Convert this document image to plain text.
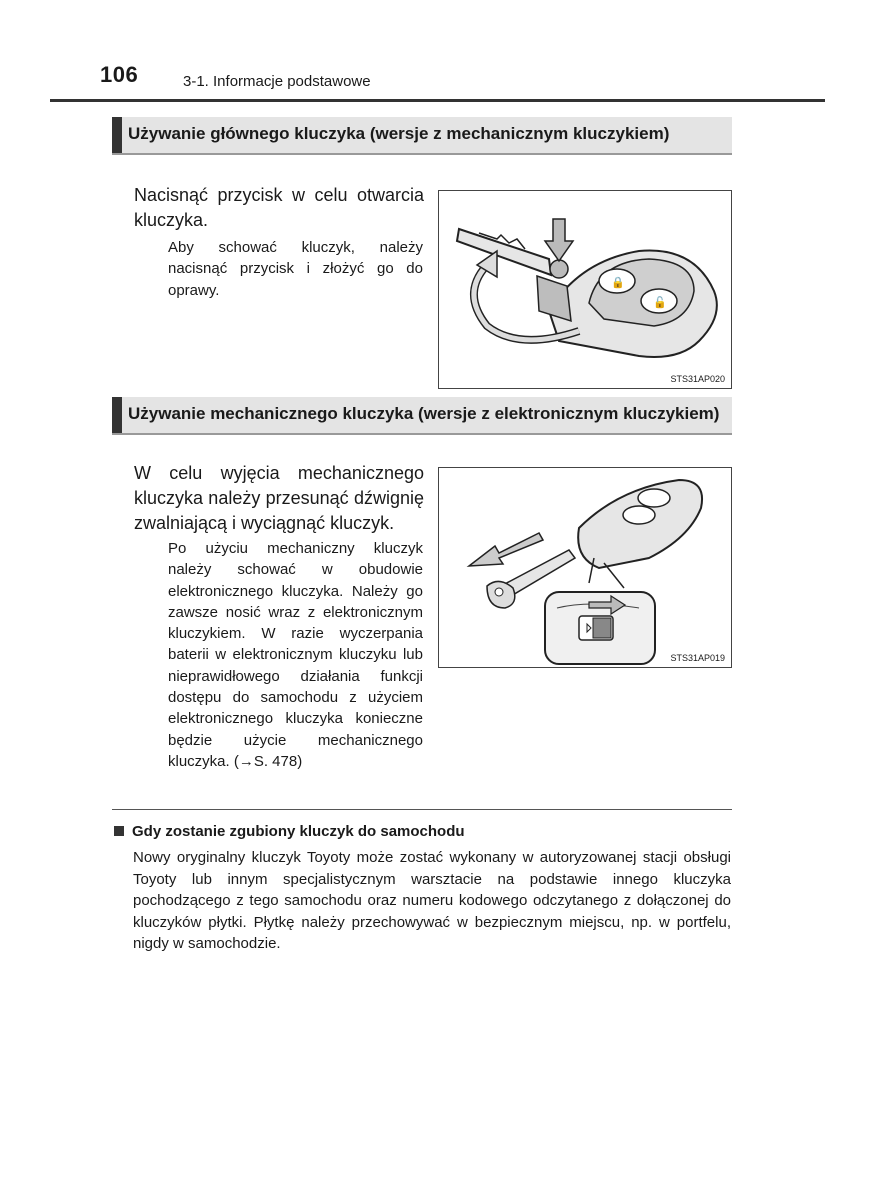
106	3-1. Informacje podstawowe
Używanie głównego kluczyka (wersje z mechanicznym kluczykiem)
Nacisnąć przycisk w celu otwarcia kluczyka.
Aby schować kluczyk, należy nacisnąć przycisk i złożyć go do oprawy.	🔒
🔓
STS31AP020
Używanie mechanicznego kluczyka (wersje z elektronicznym kluczykiem)
W celu wyjęcia mechanicznego kluczyka należy przesunąć dźwignię zwalniającą i wyciągnąć kluczyk.
Po użyciu mechaniczny kluczyk należy schować w obudowie elektronicznego kluczyka. Należy go zawsze nosić wraz z elektronicznym kluczykiem. W razie wyczerpania baterii w elektronicznym kluczyku lub nieprawidłowego działania funkcji dostępu do samochodu z użyciem elektronicznego kluczyka konieczne będzie użycie mechanicznego kluczyka. (→S. 478)
STS31AP019
Gdy zostanie zgubiony kluczyk do samochodu
Nowy oryginalny kluczyk Toyoty może zostać wykonany w autoryzowanej stacji obsługi Toyoty lub innym specjalistycznym warsztacie na podstawie innego kluczyka pochodzącego z tego samochodu oraz numeru kodowego odczytanego z dołączonej do kluczyków płytki. Płytkę należy przechowywać w bezpiecznym miejscu, np. w portfelu, nigdy w samochodzie.
